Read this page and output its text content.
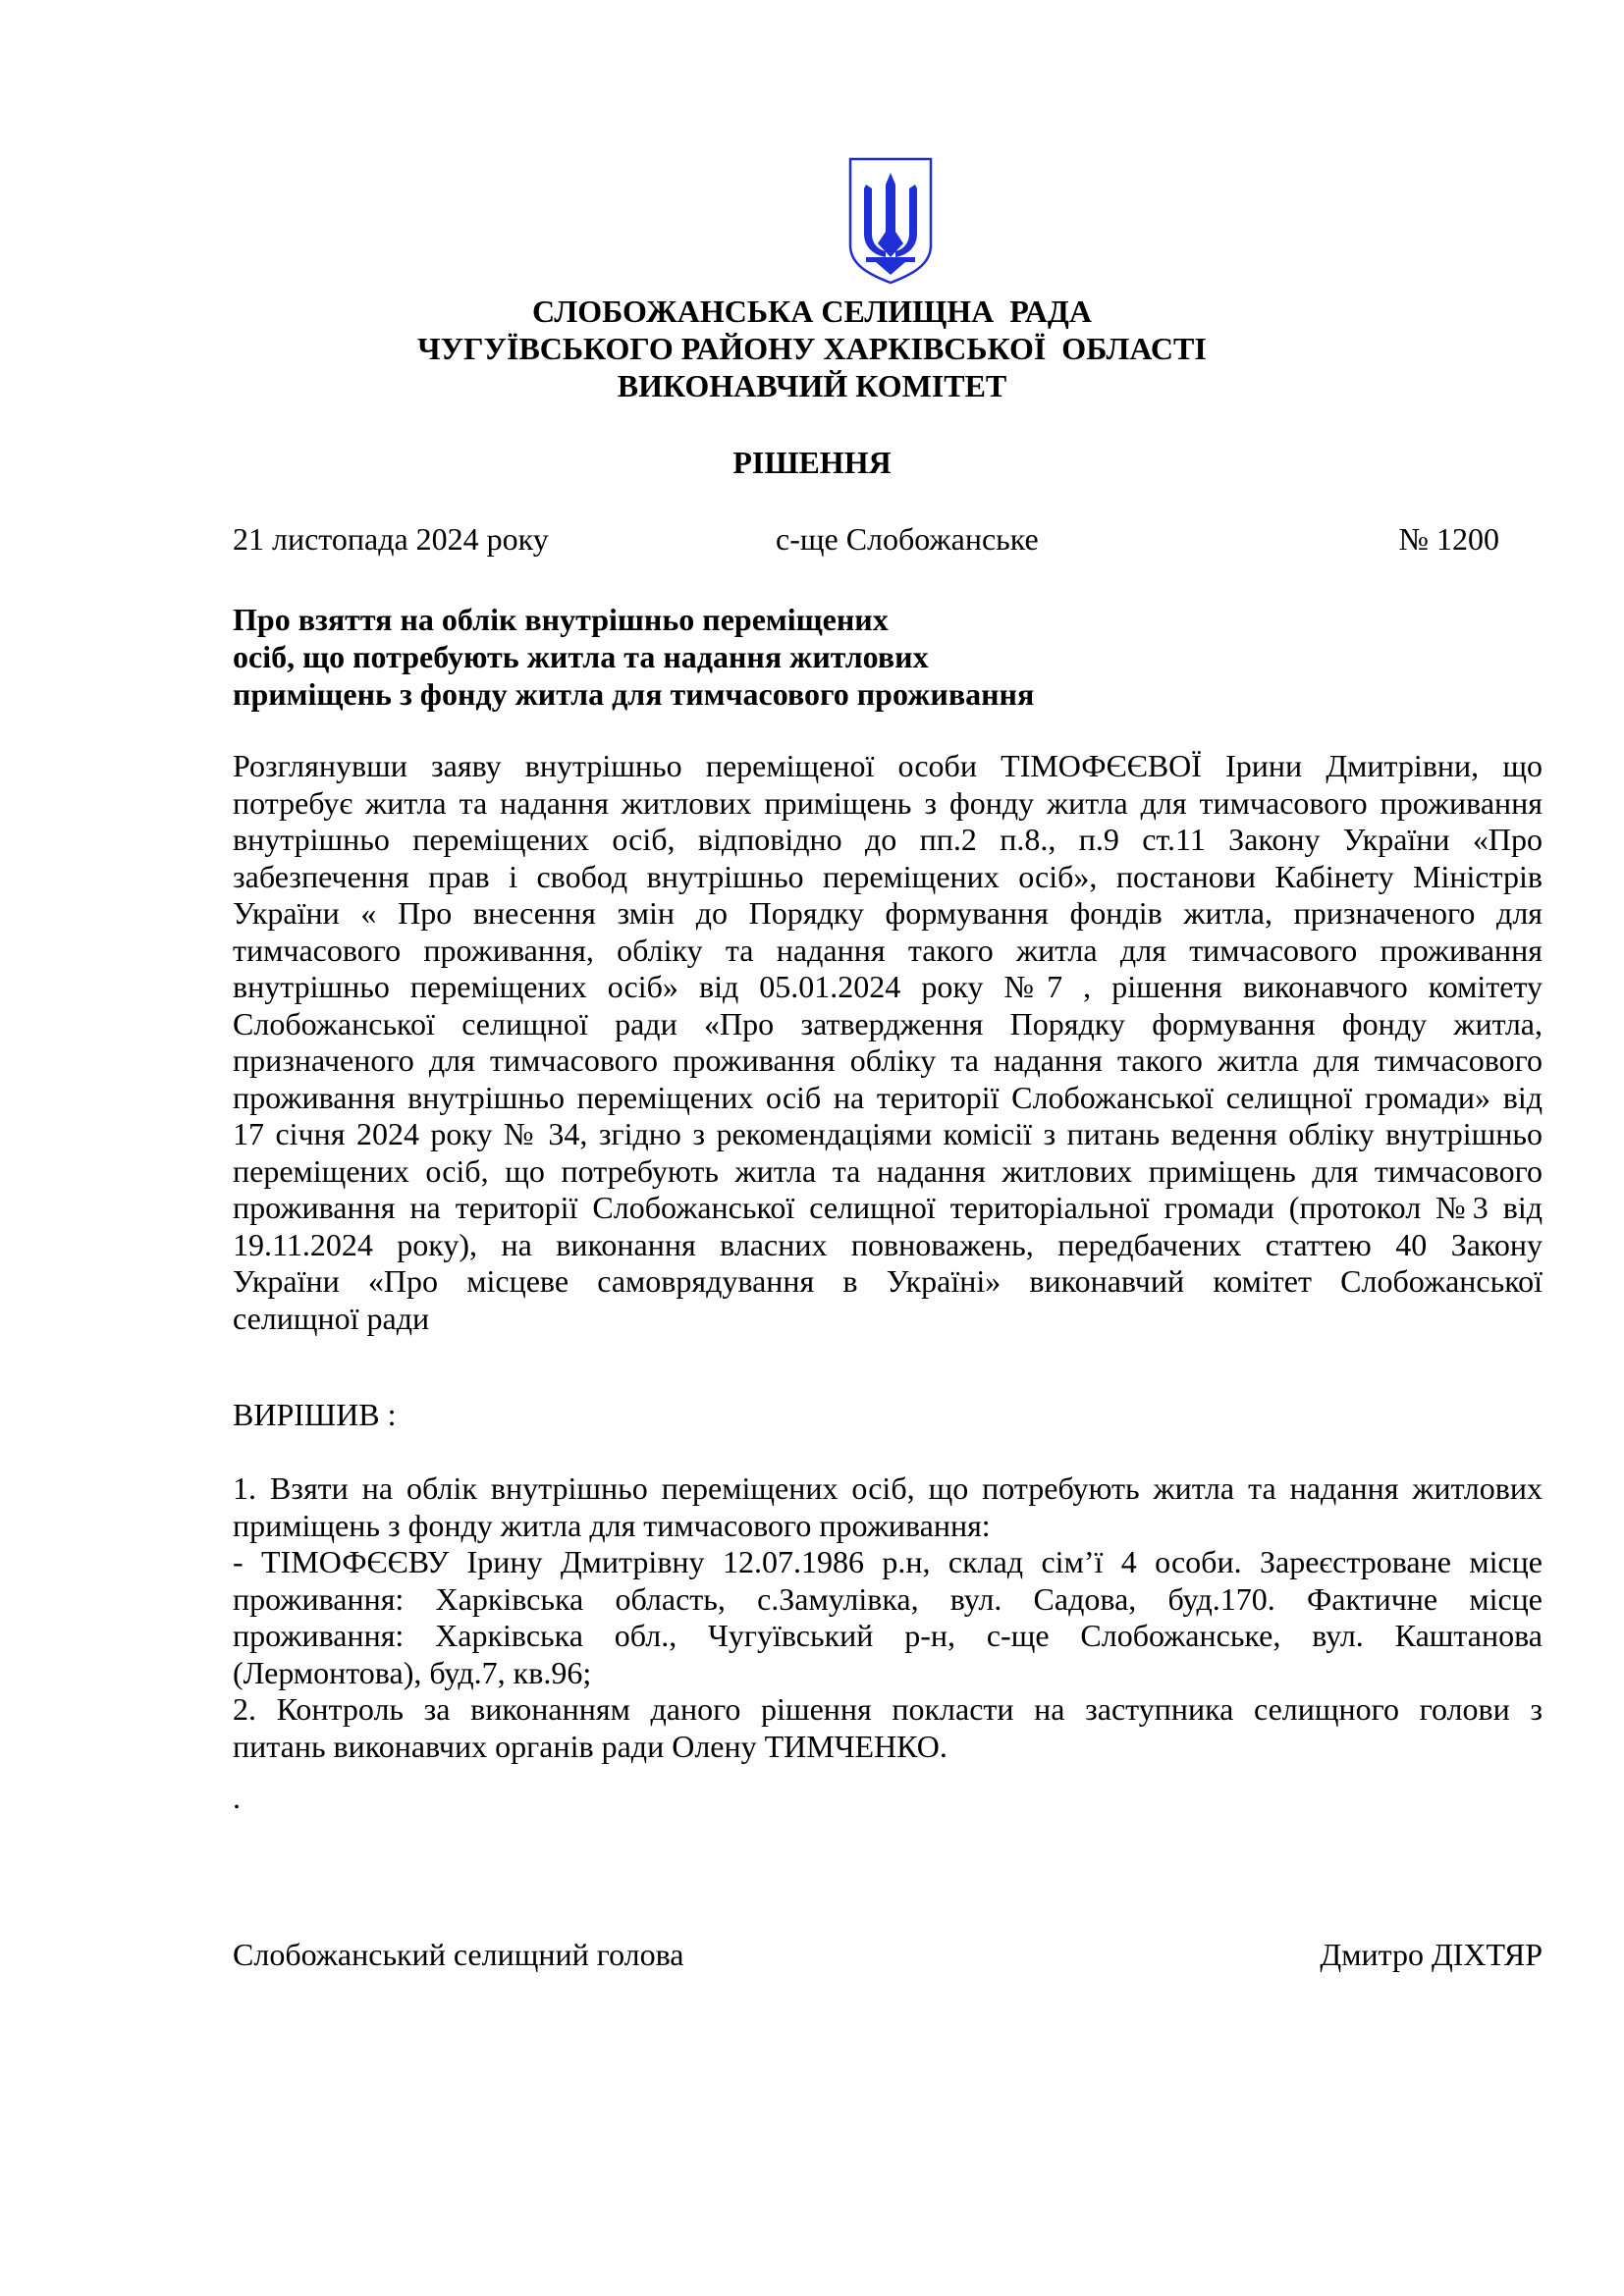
СЛОБОЖАНСЬКА СЕЛИЩНА  РАДА
ЧУГУЇВСЬКОГО РАЙОНУ ХАРКІВСЬКОЇ  ОБЛАСТІ
ВИКОНАВЧИЙ КОМІТЕТ
РІШЕННЯ
21 листопада 2024 року	с-ще Слобожанське	№ 1200
Про взяття на облік внутрішньо переміщених
осіб, що потребують житла та надання житлових
приміщень з фонду житла для тимчасового проживання
Розглянувши заяву внутрішньо переміщеної особи ТІМОФЄЄВОЇ Ірини Дмитрівни, що
потребує житла та надання житлових приміщень з фонду житла для тимчасового проживання
внутрішньо переміщених осіб, відповідно до пп.2 п.8., п.9 ст.11 Закону України «Про
забезпечення прав і свобод внутрішньо переміщених осіб», постанови Кабінету Міністрів
України « Про внесення змін до Порядку формування фондів житла, призначеного для
тимчасового проживання, обліку та надання такого житла для тимчасового проживання
внутрішньо переміщених осіб» від 05.01.2024 року №7 , рішення виконавчого комітету
Слобожанської селищної ради «Про затвердження Порядку формування фонду житла,
призначеного для тимчасового проживання обліку та надання такого житла для тимчасового
проживання внутрішньо переміщених осіб на території Слобожанської селищної громади» від
17 січня 2024 року № 34, згідно з рекомендаціями комісії з питань ведення обліку внутрішньо
переміщених осіб, що потребують житла та надання житлових приміщень для тимчасового
проживання на території Слобожанської селищної територіальної громади (протокол №3 від
19.11.2024 року), на виконання власних повноважень, передбачених статтею 40 Закону
України «Про місцеве самоврядування в Україні» виконавчий комітет Слобожанської
селищної ради
ВИРІШИВ :
1. Взяти на облік внутрішньо переміщених осіб, що потребують житла та надання житлових
приміщень з фонду житла для тимчасового проживання:
- ТІМОФЄЄВУ Ірину Дмитрівну 12.07.1986 р.н, склад сім’ї 4 особи. Зареєстроване місце
проживання: Харківська область, с.Замулівка, вул. Садова, буд.170. Фактичне місце
проживання: Харківська обл., Чугуївський р-н, с-ще Слобожанське, вул. Каштанова
(Лермонтова), буд.7, кв.96;
2. Контроль за виконанням даного рішення покласти на заступника селищного голови з
питань виконавчих органів ради Олену ТИМЧЕНКО.
.
Слобожанський селищний голова	Дмитро ДІХТЯР
